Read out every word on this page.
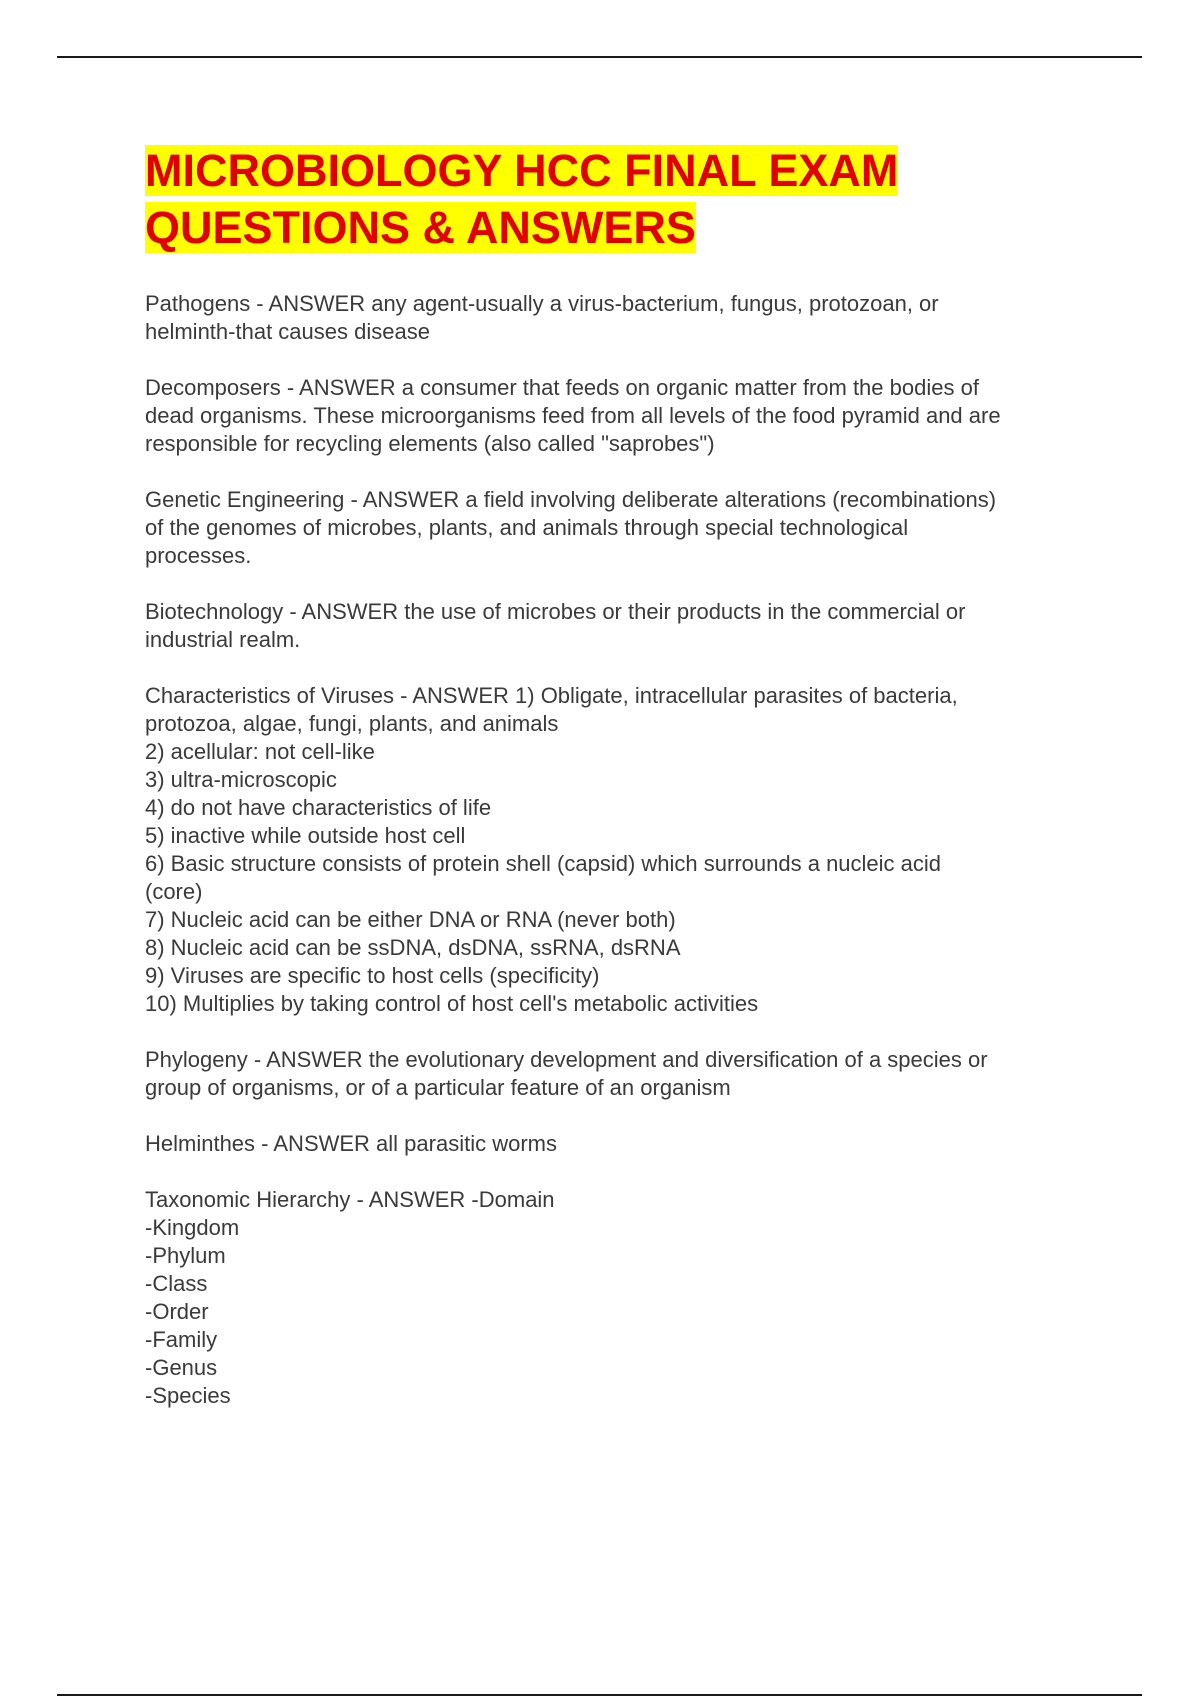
MICROBIOLOGY HCC FINAL EXAM
QUESTIONS & ANSWERS

Pathogens - ANSWER any agent-usually a virus-bacterium, fungus, protozoan, or
helminth-that causes disease

Decomposers - ANSWER a consumer that feeds on organic matter from the bodies of
dead organisms. These microorganisms feed from all levels of the food pyramid and are
responsible for recycling elements (also called "saprobes")

Genetic Engineering - ANSWER a field involving deliberate alterations (recombinations)
of the genomes of microbes, plants, and animals through special technological
processes.

Biotechnology - ANSWER the use of microbes or their products in the commercial or
industrial realm.

Characteristics of Viruses - ANSWER 1) Obligate, intracellular parasites of bacteria,
protozoa, algae, fungi, plants, and animals
2) acellular: not cell-like
3) ultra-microscopic
4) do not have characteristics of life
5) inactive while outside host cell
6) Basic structure consists of protein shell (capsid) which surrounds a nucleic acid
(core)
7) Nucleic acid can be either DNA or RNA (never both)
8) Nucleic acid can be ssDNA, dsDNA, ssRNA, dsRNA
9) Viruses are specific to host cells (specificity)
10) Multiplies by taking control of host cell's metabolic activities

Phylogeny - ANSWER the evolutionary development and diversification of a species or
group of organisms, or of a particular feature of an organism

Helminthes - ANSWER all parasitic worms

Taxonomic Hierarchy - ANSWER -Domain
-Kingdom
-Phylum
-Class
-Order
-Family
-Genus
-Species
